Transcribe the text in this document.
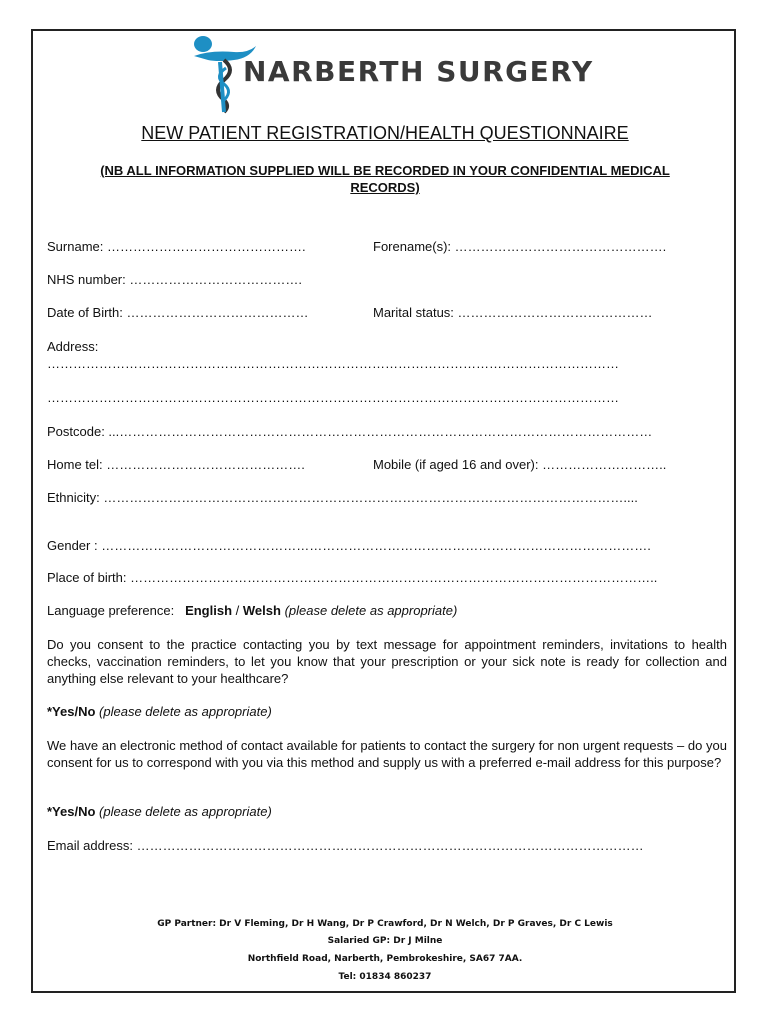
NARBERTH SURGERY
NEW PATIENT REGISTRATION/HEALTH QUESTIONNAIRE
(NB ALL INFORMATION SUPPLIED WILL BE RECORDED IN YOUR CONFIDENTIAL MEDICAL RECORDS)
Surname: ……………………………………….	Forename(s): ………………………………………….
NHS number: ………………………………….
Date of Birth: ……………………………………	Marital status: ………………………………………
Address:
……………………………………………………………………………………………………………………
……………………………………………………………………………………………………………………
Postcode: ...……………………………………………………………………………………………………………
Home tel: ……………………………………….	Mobile (if aged 16 and over): ………………………..
Ethnicity: …………………………………………………………………………………………………………....
Gender : ……………………………………………………………………………………………………………….
Place of birth: …………………………………………………………………………………………………………..
Language preference: English / Welsh (please delete as appropriate)
Do you consent to the practice contacting you by text message for appointment reminders, invitations to health checks, vaccination reminders, to let you know that your prescription or your sick note is ready for collection and anything else relevant to your healthcare?
*Yes/No (please delete as appropriate)
We have an electronic method of contact available for patients to contact the surgery for non urgent requests – do you consent for us to correspond with you via this method and supply us with a preferred e-mail address for this purpose?
*Yes/No (please delete as appropriate)
Email address: ………………………………………………………………………………………………………
GP Partner: Dr V Fleming, Dr H Wang, Dr P Crawford, Dr N Welch, Dr P Graves, Dr C Lewis
Salaried GP: Dr J Milne
Northfield Road, Narberth, Pembrokeshire, SA67 7AA.
Tel: 01834 860237
